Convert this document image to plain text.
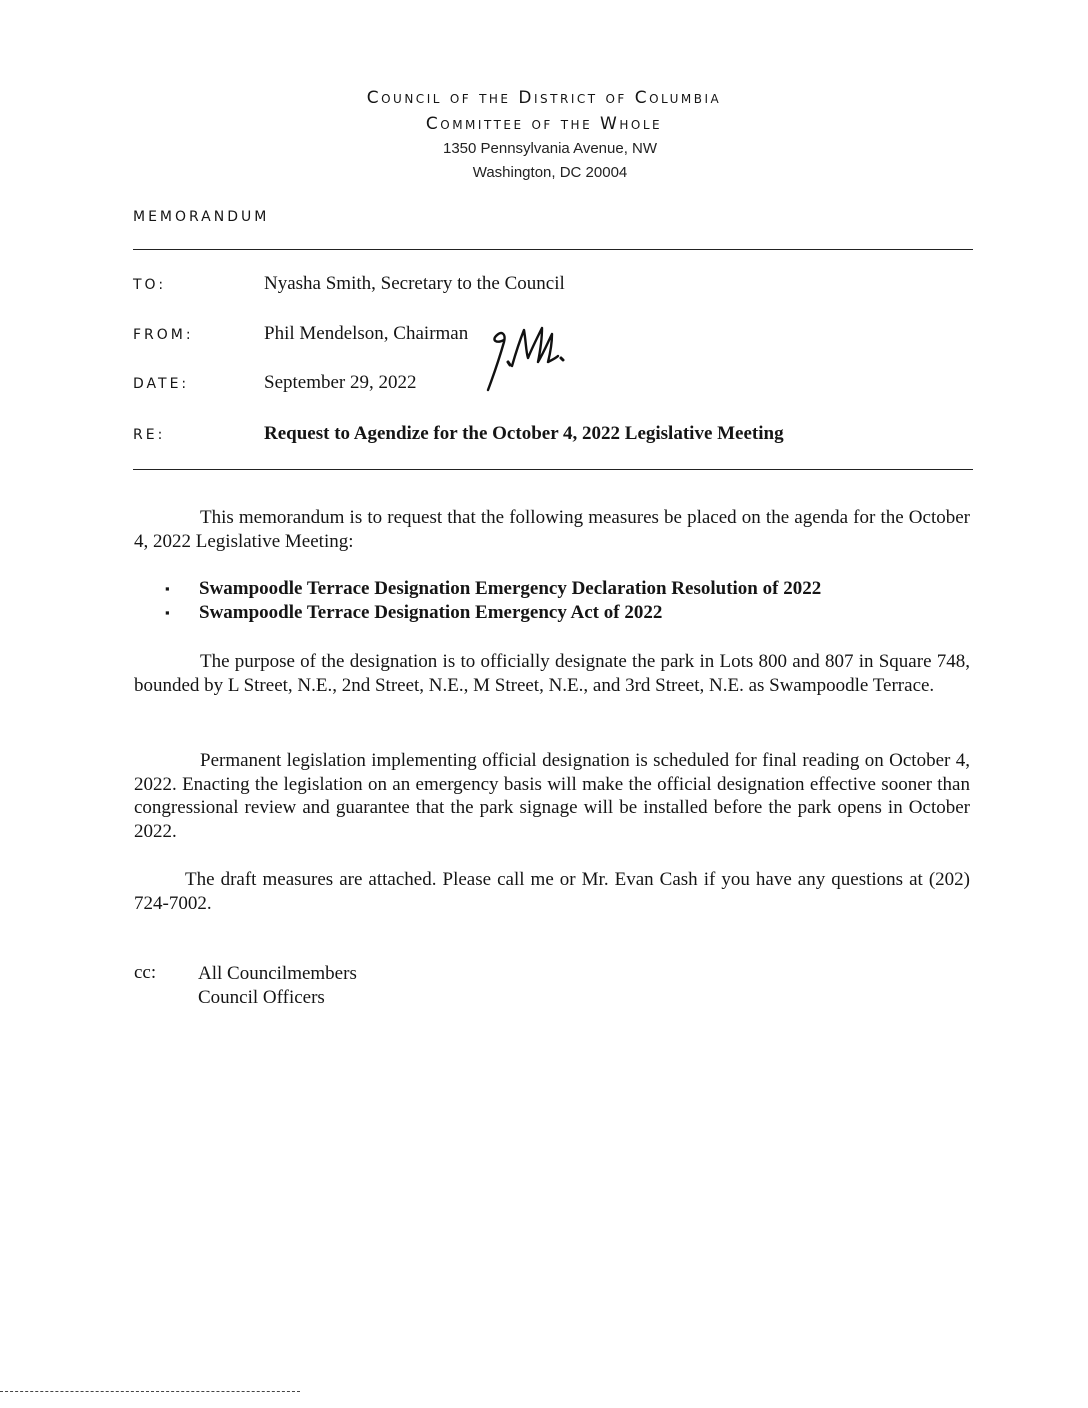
Council of the District of Columbia
Committee of the Whole
1350 Pennsylvania Avenue, NW
Washington, DC 20004
MEMORANDUM
TO:	Nyasha Smith, Secretary to the Council
FROM:	Phil Mendelson, Chairman
DATE:	September 29, 2022
RE:	Request to Agendize for the October 4, 2022 Legislative Meeting

This memorandum is to request that the following measures be placed on the agenda for the October 4, 2022 Legislative Meeting:

▪ Swampoodle Terrace Designation Emergency Declaration Resolution of 2022
▪ Swampoodle Terrace Designation Emergency Act of 2022

The purpose of the designation is to officially designate the park in Lots 800 and 807 in Square 748, bounded by L Street, N.E., 2nd Street, N.E., M Street, N.E., and 3rd Street, N.E. as Swampoodle Terrace.

Permanent legislation implementing official designation is scheduled for final reading on October 4, 2022. Enacting the legislation on an emergency basis will make the official designation effective sooner than congressional review and guarantee that the park signage will be installed before the park opens in October 2022.

The draft measures are attached. Please call me or Mr. Evan Cash if you have any questions at (202) 724-7002.

cc: All Councilmembers
Council Officers
